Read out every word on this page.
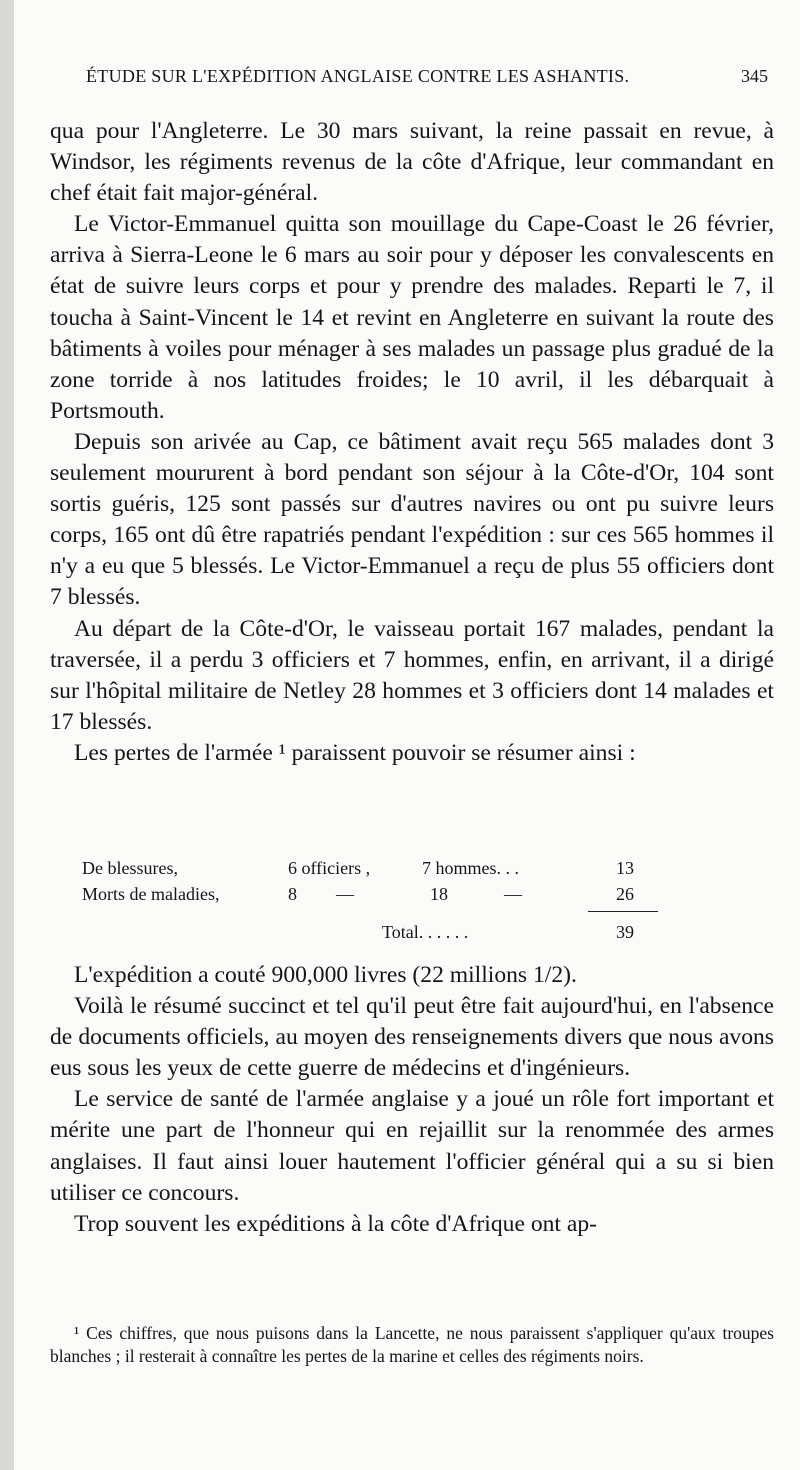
ÉTUDE SUR L'EXPÉDITION ANGLAISE CONTRE LES ASHANTIS.	345

qua pour l'Angleterre. Le 30 mars suivant, la reine passait en revue, à Windsor, les régiments revenus de la côte d'Afrique, leur commandant en chef était fait major-général.

Le Victor-Emmanuel quitta son mouillage du Cape-Coast le 26 février, arriva à Sierra-Leone le 6 mars au soir pour y déposer les convalescents en état de suivre leurs corps et pour y prendre des malades. Reparti le 7, il toucha à Saint-Vincent le 14 et revint en Angleterre en suivant la route des bâtiments à voiles pour ménager à ses malades un passage plus gradué de la zone torride à nos latitudes froides; le 10 avril, il les débarquait à Portsmouth.

Depuis son arivée au Cap, ce bâtiment avait reçu 565 malades dont 3 seulement moururent à bord pendant son séjour à la Côte-d'Or, 104 sont sortis guéris, 125 sont passés sur d'autres navires ou ont pu suivre leurs corps, 165 ont dû être rapatriés pendant l'expédition : sur ces 565 hommes il n'y a eu que 5 blessés. Le Victor-Emmanuel a reçu de plus 55 officiers dont 7 blessés.

Au départ de la Côte-d'Or, le vaisseau portait 167 malades, pendant la traversée, il a perdu 3 officiers et 7 hommes, enfin, en arrivant, il a dirigé sur l'hôpital militaire de Netley 28 hommes et 3 officiers dont 14 malades et 17 blessés.

Les pertes de l'armée ¹ paraissent pouvoir se résumer ainsi :

De blessures,	6 officiers ,	7 hommes. . .	13
Morts de maladies,	8 —	18	—	26
Total. . . . . .	39

L'expédition a couté 900,000 livres (22 millions 1/2).

Voilà le résumé succinct et tel qu'il peut être fait aujourd'hui, en l'absence de documents officiels, au moyen des renseignements divers que nous avons eus sous les yeux de cette guerre de médecins et d'ingénieurs.

Le service de santé de l'armée anglaise y a joué un rôle fort important et mérite une part de l'honneur qui en rejaillit sur la renommée des armes anglaises. Il faut ainsi louer hautement l'officier général qui a su si bien utiliser ce concours.

Trop souvent les expéditions à la côte d'Afrique ont ap-

¹ Ces chiffres, que nous puisons dans la Lancette, ne nous paraissent s'appliquer qu'aux troupes blanches ; il resterait à connaître les pertes de la marine et celles des régiments noirs.
